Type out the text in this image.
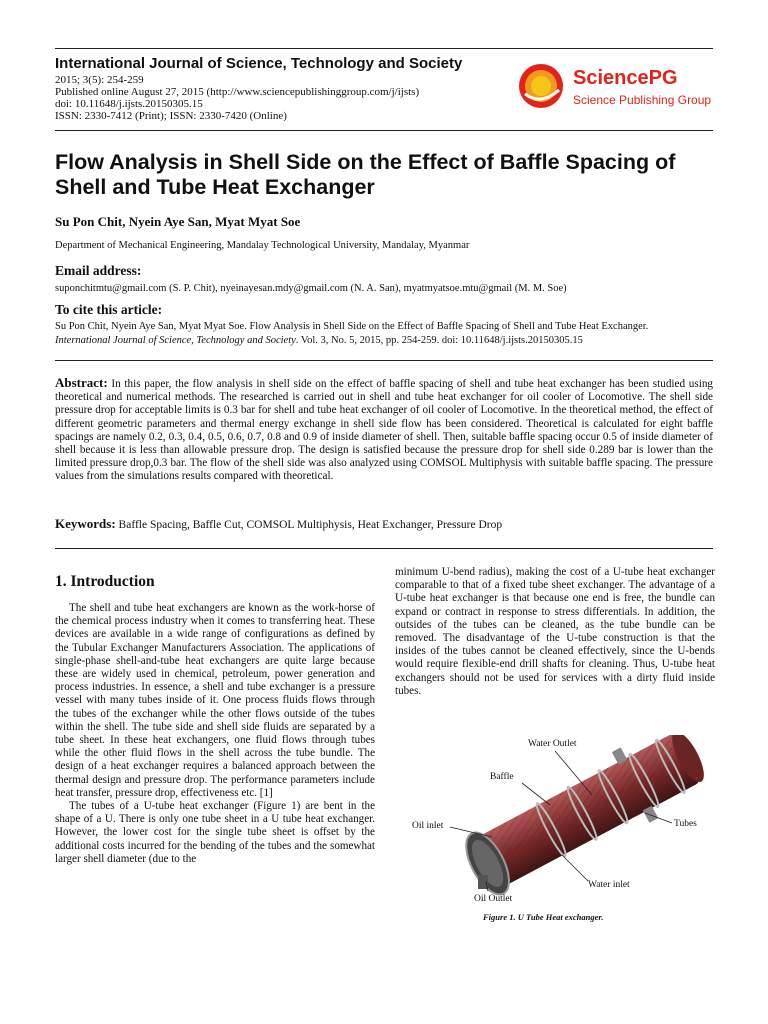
International Journal of Science, Technology and Society
2015; 3(5): 254-259
Published online August 27, 2015 (http://www.sciencepublishinggroup.com/j/ijsts)
doi: 10.11648/j.ijsts.20150305.15
ISSN: 2330-7412 (Print); ISSN: 2330-7420 (Online)
SciencePG
Science Publishing Group
Flow Analysis in Shell Side on the Effect of Baffle Spacing of Shell and Tube Heat Exchanger
Su Pon Chit, Nyein Aye San, Myat Myat Soe
Department of Mechanical Engineering, Mandalay Technological University, Mandalay, Myanmar
Email address:
suponchitmtu@gmail.com (S. P. Chit), nyeinayesan.mdy@gmail.com (N. A. San), myatmyatsoe.mtu@gmail (M. M. Soe)
To cite this article:
Su Pon Chit, Nyein Aye San, Myat Myat Soe. Flow Analysis in Shell Side on the Effect of Baffle Spacing of Shell and Tube Heat Exchanger.
International Journal of Science, Technology and Society. Vol. 3, No. 5, 2015, pp. 254-259. doi: 10.11648/j.ijsts.20150305.15
Abstract: In this paper, the flow analysis in shell side on the effect of baffle spacing of shell and tube heat exchanger has been studied using theoretical and numerical methods. The researched is carried out in shell and tube heat exchanger for oil cooler of Locomotive. The shell side pressure drop for acceptable limits is 0.3 bar for shell and tube heat exchanger of oil cooler of Locomotive. In the theoretical method, the effect of different geometric parameters and thermal energy exchange in shell side flow has been considered. Theoretical is calculated for eight baffle spacings are namely 0.2, 0.3, 0.4, 0.5, 0.6, 0.7, 0.8 and 0.9 of inside diameter of shell. Then, suitable baffle spacing occur 0.5 of inside diameter of shell because it is less than allowable pressure drop. The design is satisfied because the pressure drop for shell side 0.289 bar is lower than the limited pressure drop,0.3 bar. The flow of the shell side was also analyzed using COMSOL Multiphysis with suitable baffle spacing. The pressure values from the simulations results compared with theoretical.
Keywords: Baffle Spacing, Baffle Cut, COMSOL Multiphysis, Heat Exchanger, Pressure Drop
1. Introduction

The shell and tube heat exchangers are known as the work-horse of the chemical process industry when it comes to transferring heat. These devices are available in a wide range of configurations as defined by the Tubular Exchanger Manufacturers Association. The applications of single-phase shell-and-tube heat exchangers are quite large because these are widely used in chemical, petroleum, power generation and process industries. In essence, a shell and tube exchanger is a pressure vessel with many tubes inside of it. One process fluids flows through the tubes of the exchanger while the other flows outside of the tubes within the shell. The tube side and shell side fluids are separated by a tube sheet. In these heat exchangers, one fluid flows through tubes while the other fluid flows in the shell across the tube bundle. The design of a heat exchanger requires a balanced approach between the thermal design and pressure drop. The performance parameters include heat transfer, pressure drop, effectiveness etc. [1]

The tubes of a U-tube heat exchanger (Figure 1) are bent in the shape of a U. There is only one tube sheet in a U tube heat exchanger. However, the lower cost for the single tube sheet is offset by the additional costs incurred for the bending of the tubes and the somewhat larger shell diameter (due to the

minimum U-bend radius), making the cost of a U-tube heat exchanger comparable to that of a fixed tube sheet exchanger. The advantage of a U-tube heat exchanger is that because one end is free, the bundle can expand or contract in response to stress differentials. In addition, the outsides of the tubes can be cleaned, as the tube bundle can be removed. The disadvantage of the U-tube construction is that the insides of the tubes cannot be cleaned effectively, since the U-bends would require flexible-end drill shafts for cleaning. Thus, U-tube heat exchangers should not be used for services with a dirty fluid inside tubes.

Water Outlet
Baffle
Oil inlet	Tubes
Water inlet
Oil Outlet
Figure 1. U Tube Heat exchanger.
